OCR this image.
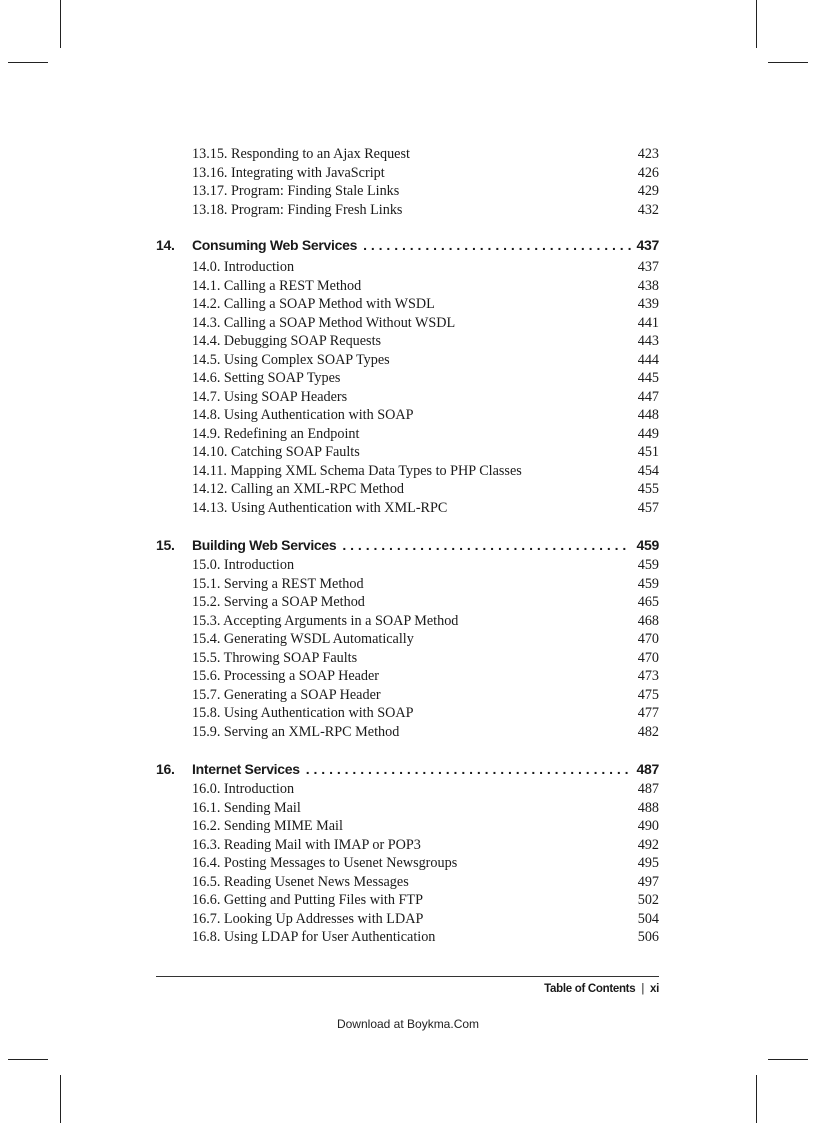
13.15. Responding to an Ajax Request	423
13.16. Integrating with JavaScript	426
13.17. Program: Finding Stale Links	429
13.18. Program: Finding Fresh Links	432
14.	Consuming Web Services . . .	437
14.0. Introduction	437
14.1. Calling a REST Method	438
14.2. Calling a SOAP Method with WSDL	439
14.3. Calling a SOAP Method Without WSDL	441
14.4. Debugging SOAP Requests	443
14.5. Using Complex SOAP Types	444
14.6. Setting SOAP Types	445
14.7. Using SOAP Headers	447
14.8. Using Authentication with SOAP	448
14.9. Redefining an Endpoint	449
14.10. Catching SOAP Faults	451
14.11. Mapping XML Schema Data Types to PHP Classes	454
14.12. Calling an XML-RPC Method	455
14.13. Using Authentication with XML-RPC	457
15.	Building Web Services . . .	459
15.0. Introduction	459
15.1. Serving a REST Method	459
15.2. Serving a SOAP Method	465
15.3. Accepting Arguments in a SOAP Method	468
15.4. Generating WSDL Automatically	470
15.5. Throwing SOAP Faults	470
15.6. Processing a SOAP Header	473
15.7. Generating a SOAP Header	475
15.8. Using Authentication with SOAP	477
15.9. Serving an XML-RPC Method	482
16.	Internet Services . . .	487
16.0. Introduction	487
16.1. Sending Mail	488
16.2. Sending MIME Mail	490
16.3. Reading Mail with IMAP or POP3	492
16.4. Posting Messages to Usenet Newsgroups	495
16.5. Reading Usenet News Messages	497
16.6. Getting and Putting Files with FTP	502
16.7. Looking Up Addresses with LDAP	504
16.8. Using LDAP for User Authentication	506
Table of Contents | xi
Download at Boykma.Com
